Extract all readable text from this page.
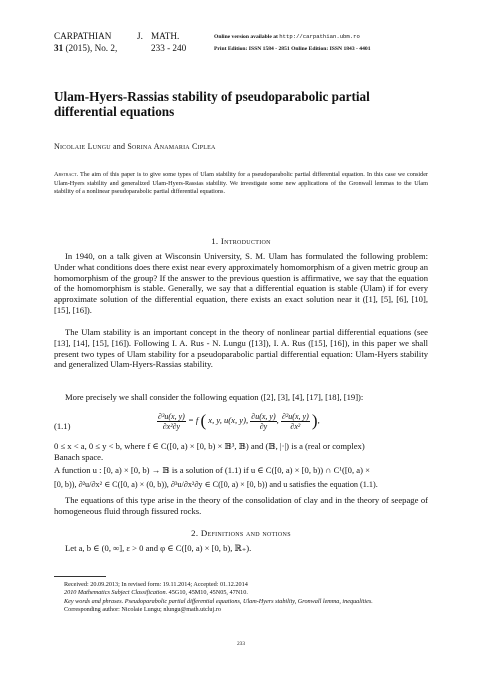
CARPATHIAN	J. MATH.
31 (2015), No. 2,	233 - 240
Online version available at http://carpathian.ubm.ro
Print Edition: ISSN 1584 - 2851 Online Edition: ISSN 1843 - 4401
Ulam-Hyers-Rassias stability of pseudoparabolic partial differential equations
Nicolaie Lungu and Sorina Anamaria Ciplea
Abstract. The aim of this paper is to give some types of Ulam stability for a pseudoparabolic partial differential equation. In this case we consider Ulam-Hyers stability and generalized Ulam-Hyers-Rassias stability. We investigate some new applications of the Gronwall lemmas to the Ulam stability of a nonlinear pseudoparabolic partial differential equations.
1. Introduction
In 1940, on a talk given at Wisconsin University, S. M. Ulam has formulated the following problem: Under what conditions does there exist near every approximately homomorphism of a given metric group an homomorphism of the group? If the answer to the previous question is affirmative, we say that the equation of the homomorphism is stable. Generally, we say that a differential equation is stable (Ulam) if for every approximate solution of the differential equation, there exists an exact solution near it ([1], [5], [6], [10], [15], [16]).
The Ulam stability is an important concept in the theory of nonlinear partial differential equations (see [13], [14], [15], [16]). Following I. A. Rus - N. Lungu ([13]), I. A. Rus ([15], [16]), in this paper we shall present two types of Ulam stability for a pseudoparabolic partial differential equation: Ulam-Hyers stability and generalized Ulam-Hyers-Rassias stability.
More precisely we shall consider the following equation ([2], [3], [4], [17], [18], [19]):
(1.1)	$\frac{\text{∂³u(x, y)}}{\text{∂x²∂y}} = f$ ( x, y, u(x, y), $\frac{\partial u(x, y)}{\partial y}$ , $\frac{\text{∂²u(x, y)}}{\text{∂x²}}$ ),
0 ≤ x < a, 0 ≤ y < b, where f ∈ C([0, a) × [0, b) × 𝔹³, 𝔹) and (𝔹, |·|) is a (real or complex)
Banach space.
A function u : [0, a) × [0, b) → 𝔹 is a solution of (1.1) if u ∈ C([0, a) × [0, b)) ∩ C¹([0, a) ×
[0, b)), ∂²u/∂x² ∈ C([0, a) × (0, b)), ∂³u/∂x²∂y ∈ C([0, a) × [0, b)) and u satisfies the equation (1.1).
The equations of this type arise in the theory of the consolidation of clay and in the theory of seepage of homogeneous fluid through fissured rocks.
2. Definitions and notions
Let a, b ∈ (0, ∞], ε > 0 and φ ∈ C([0, a) × [0, b), ℝ₊).
Received: 20.09.2013; In revised form: 19.11.2014; Accepted: 01.12.2014
2010 Mathematics Subject Classification. 45G10, 45M10, 45N05, 47N10.
Key words and phrases. Pseudoparabolic partial differential equations, Ulam-Hyers stability, Gronwall lemma, inequalities.
Corresponding author: Nicolaie Lungu; nlungu@math.utcluj.ro
233
